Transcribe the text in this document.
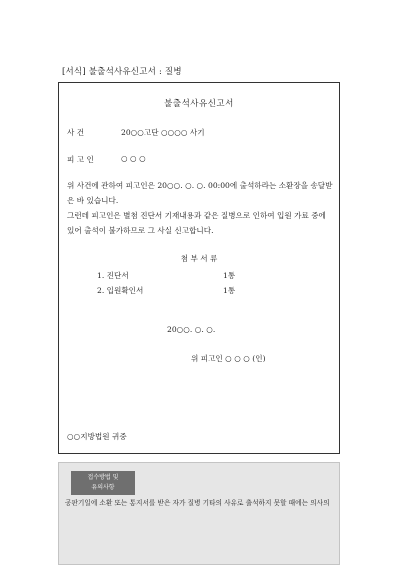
[서식] 불출석사유신고서 : 질병
불출석사유신고서
사 건	20○○고단 ○○○○ 사기
피 고 인	○ ○ ○
위 사건에 관하여 피고인은 20○○. ○. ○. 00:00에 출석하라는 소환장을 송달받은 바 있습니다.
그런데 피고인은 별첨 진단서 기재내용과 같은 질병으로 인하여 입원 가료 중에 있어 출석이 불가하므로 그 사실 신고합니다.
첨 부 서 류
1. 진단서	1통
2. 입원확인서	1통
20○○. ○. ○.
위 피고인 ○ ○ ○ (인)
○○지방법원 귀중
접수방법 및
유의사항
공판기일에 소환 또는 통지서를 받은 자가 질병 기타의 사유로 출석하지 못할 때에는 의사의
